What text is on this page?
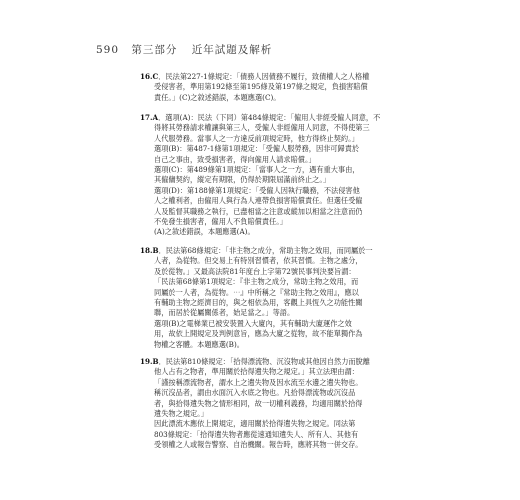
590 第三部分 近年試題及解析
16.C．民法第227-1條規定：「債務人因債務不履行，致債權人之人格權
受侵害者，準用第192條至第195條及第197條之規定，負損害賠償
責任。」(C)之敘述錯誤，本題應選(C)。
17.A．選項(A)：民法（下同）第484條規定：「僱用人非經受僱人同意，不
得將其勞務請求權讓與第三人，受僱人非經僱用人同意，不得使第三
人代服勞務。當事人之一方違反前項規定時，他方得終止契約。」
選項(B)：第487-1條第1項規定：「受僱人服勞務，因非可歸責於
自己之事由，致受損害者，得向僱用人請求賠償。」
選項(C)：第489條第1項規定：「當事人之一方，遇有重大事由，
其僱傭契約，縱定有期限，仍得於期限屆滿前終止之。」
選項(D)：第188條第1項規定：「受僱人因執行職務，不法侵害他
人之權利者，由僱用人與行為人連帶負損害賠償責任。但選任受僱
人及監督其職務之執行，已盡相當之注意或縱加以相當之注意而仍
不免發生損害者，僱用人不負賠償責任。」
(A)之敘述錯誤，本題應選(A)。
18.B．民法第68條規定：「非主物之成分，常助主物之效用，而同屬於一
人者，為從物。但交易上有特別習慣者，依其習慣。主物之處分，
及於從物。」又最高法院81年度台上字第72號民事判決要旨謂：
「民法第68條第1項規定：『非主物之成分，常助主物之效用，而
同屬於一人者，為從物。⋯』中所稱之『常助主物之效用』，應以
有輔助主物之經濟目的，與之相依為用，客觀上具恆久之功能性關
聯，而居於從屬關係者，始足當之。」等語。
選項(B)之電梯業已被安裝置入大廈內，其有輔助大廈運作之效
用，故依上開規定及判例意旨，應為大廈之從物，故不能單獨作為
物權之客體。本題應選(B)。
19.B．民法第810條規定：「拾得漂流物、沉沒物或其他因自然力而脫離
他人占有之物者，準用關於拾得遺失物之規定。」其立法理由謂：
「謹按稱漂流物者，謂水上之遺失物及因水流至水邊之遺失物也。
稱沉沒品者，謂由水面沉入水底之物也。凡拾得漂流物或沉沒品
者，與拾得遺失物之情形相同，故一切權利義務，均適用關於拾得
遺失物之規定。」
因此漂流木應依上開規定，適用關於拾得遺失物之規定。同法第
803條規定：「拾得遺失物者應從速通知遺失人、所有人、其他有
受領權之人或報告警察、自治機關。報告時，應將其物一併交存。
